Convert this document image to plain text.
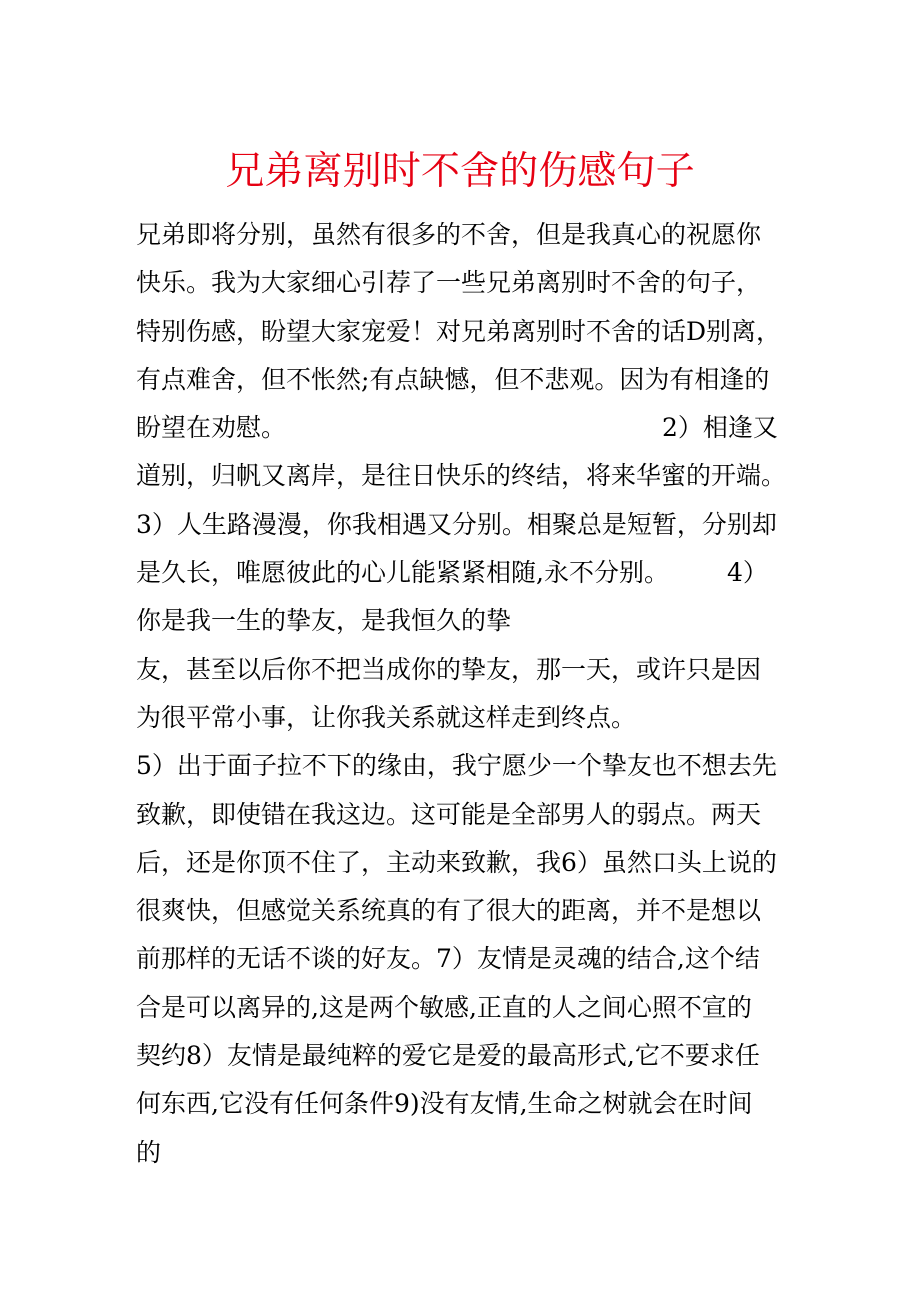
兄弟离别时不舍的伤感句子
兄弟即将分别，虽然有很多的不舍，但是我真心的祝愿你
快乐。我为大家细心引荐了一些兄弟离别时不舍的句子，
特别伤感，盼望大家宠爱！对兄弟离别时不舍的话D别离，
有点难舍，但不怅然;有点缺憾，但不悲观。因为有相逢的
盼望在劝慰。	2）相逢又
道别，归帆又离岸，是往日快乐的终结，将来华蜜的开端。
3）人生路漫漫，你我相遇又分别。相聚总是短暂，分别却
是久长，唯愿彼此的心儿能紧紧相随,永不分别。 4）
你是我一生的挚友，是我恒久的挚
友，甚至以后你不把当成你的挚友，那一天，或许只是因
为很平常小事，让你我关系就这样走到终点。
5）出于面子拉不下的缘由，我宁愿少一个挚友也不想去先
致歉，即使错在我这边。这可能是全部男人的弱点。两天
后，还是你顶不住了，主动来致歉，我6）虽然口头上说的
很爽快，但感觉关系统真的有了很大的距离，并不是想以
前那样的无话不谈的好友。7）友情是灵魂的结合,这个结
合是可以离异的,这是两个敏感,正直的人之间心照不宣的
契约8）友情是最纯粹的爱它是爱的最高形式,它不要求任
何东西,它没有任何条件9)没有友情,生命之树就会在时间
的
